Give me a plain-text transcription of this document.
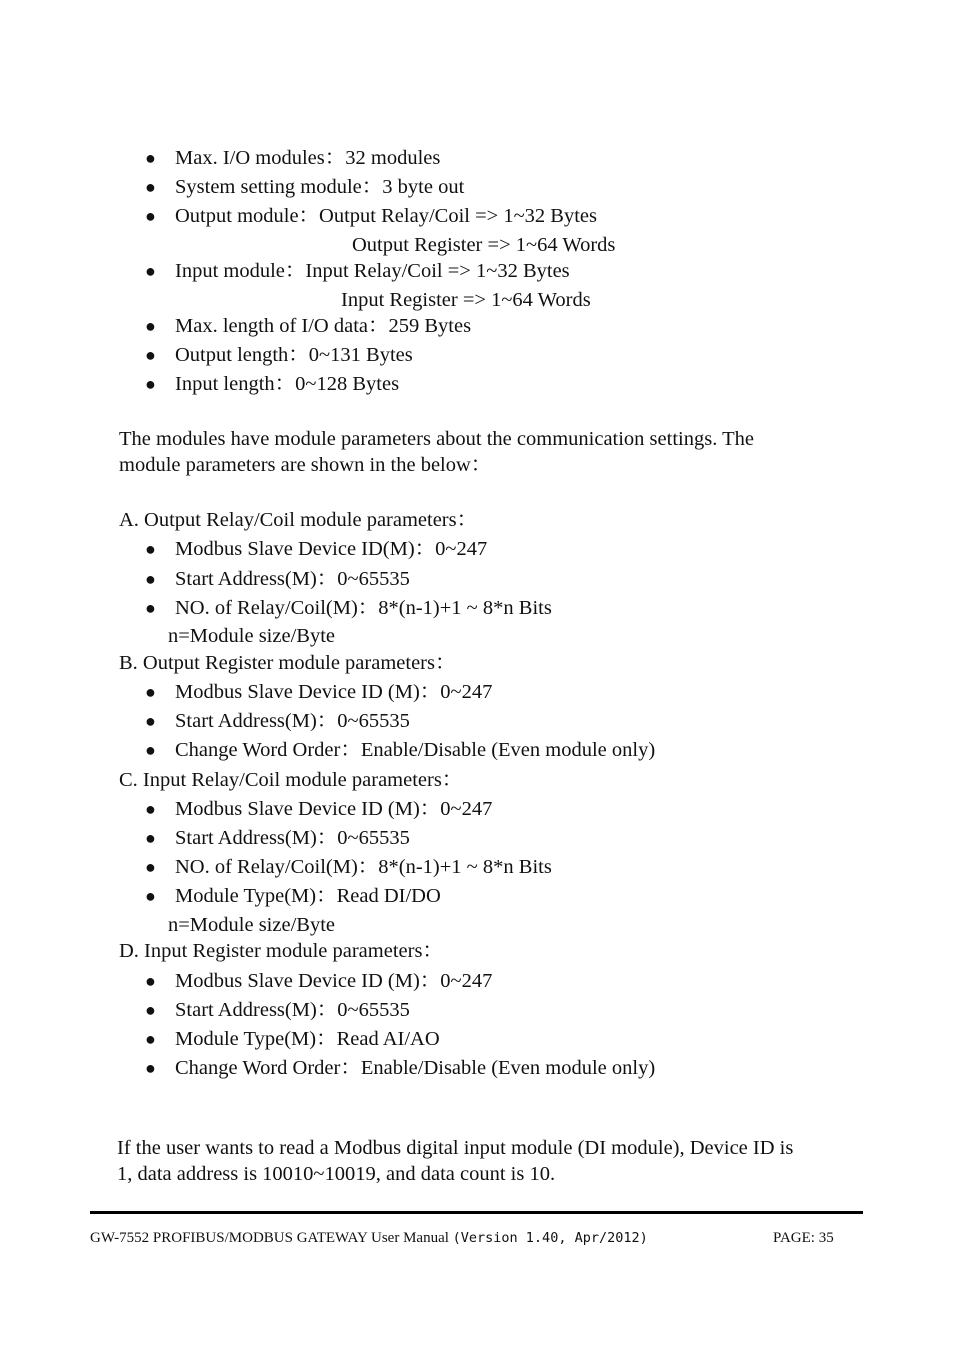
● Max. I/O modules：32 modules
● System setting module：3 byte out
● Output module：Output Relay/Coil => 1~32 Bytes
Output Register => 1~64 Words
● Input module：Input Relay/Coil => 1~32 Bytes
Input Register => 1~64 Words
● Max. length of I/O data：259 Bytes
● Output length：0~131 Bytes
● Input length：0~128 Bytes
The modules have module parameters about the communication settings. The
module parameters are shown in the below：
A. Output Relay/Coil module parameters：
● Modbus Slave Device ID(M)：0~247
● Start Address(M)：0~65535
● NO. of Relay/Coil(M)：8*(n-1)+1 ~ 8*n Bits
n=Module size/Byte
B. Output Register module parameters：
● Modbus Slave Device ID (M)：0~247
● Start Address(M)：0~65535
● Change Word Order：Enable/Disable (Even module only)
C. Input Relay/Coil module parameters：
● Modbus Slave Device ID (M)：0~247
● Start Address(M)：0~65535
● NO. of Relay/Coil(M)：8*(n-1)+1 ~ 8*n Bits
● Module Type(M)：Read DI/DO
n=Module size/Byte
D. Input Register module parameters：
● Modbus Slave Device ID (M)：0~247
● Start Address(M)：0~65535
● Module Type(M)：Read AI/AO
● Change Word Order：Enable/Disable (Even module only)
If the user wants to read a Modbus digital input module (DI module), Device ID is
1, data address is 10010~10019, and data count is 10.
GW-7552 PROFIBUS/MODBUS GATEWAY User Manual (Version 1.40, Apr/2012)	PAGE: 35
